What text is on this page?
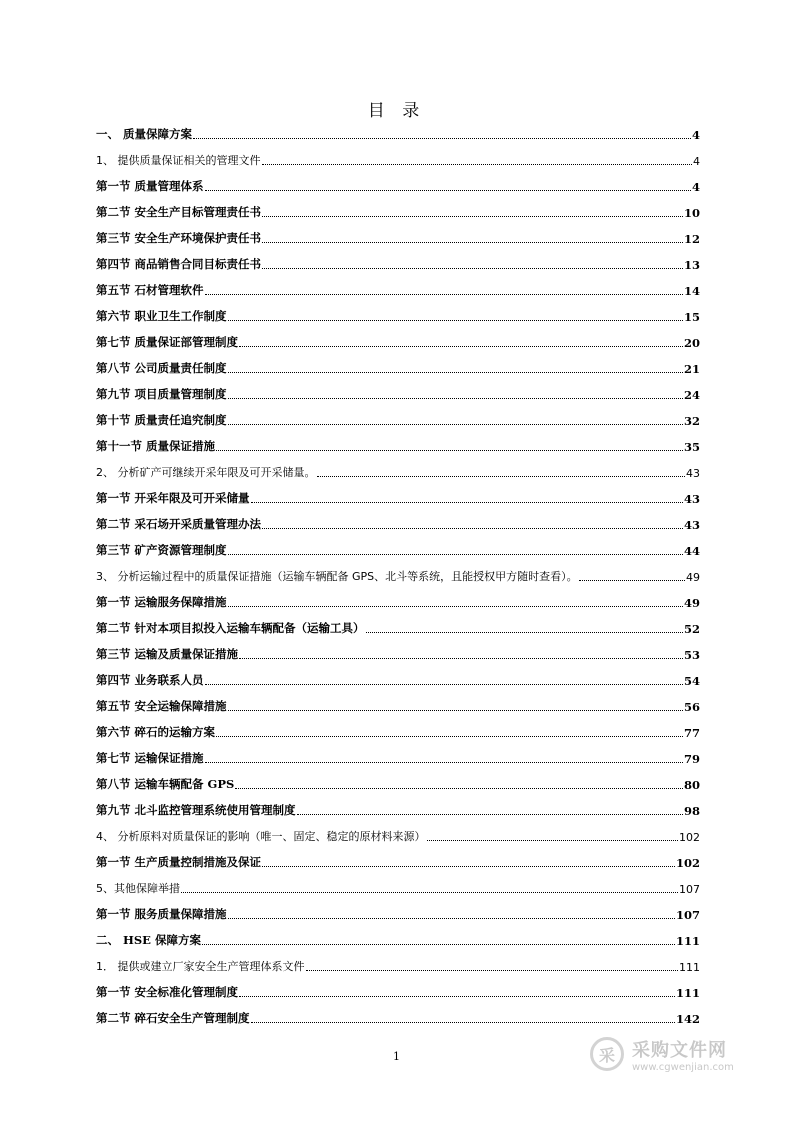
目 录
一、 质量保障方案	4
1、 提供质量保证相关的管理文件	4
第一节 质量管理体系	4
第二节 安全生产目标管理责任书	10
第三节 安全生产环境保护责任书	12
第四节 商品销售合同目标责任书	13
第五节 石材管理软件	14
第六节 职业卫生工作制度	15
第七节 质量保证部管理制度	20
第八节 公司质量责任制度	21
第九节 项目质量管理制度	24
第十节 质量责任追究制度	32
第十一节 质量保证措施	35
2、 分析矿产可继续开采年限及可开采储量。	43
第一节 开采年限及可开采储量	43
第二节 采石场开采质量管理办法	43
第三节 矿产资源管理制度	44
3、 分析运输过程中的质量保证措施（运输车辆配备 GPS、北斗等系统，且能授权甲方随时查看）。	49
第一节 运输服务保障措施	49
第二节 针对本项目拟投入运输车辆配备（运输工具）	52
第三节 运输及质量保证措施	53
第四节 业务联系人员	54
第五节 安全运输保障措施	56
第六节 碎石的运输方案	77
第七节 运输保证措施	79
第八节 运输车辆配备 GPS	80
第九节 北斗监控管理系统使用管理制度	98
4、 分析原料对质量保证的影响（唯一、固定、稳定的原材料来源）	102
第一节 生产质量控制措施及保证	102
5、其他保障举措	107
第一节 服务质量保障措施	107
二、 HSE 保障方案	111
1． 提供或建立厂家安全生产管理体系文件	111
第一节 安全标准化管理制度	111
第二节 碎石安全生产管理制度	142
1	采 采购文件网
www.cgwenjian.com
